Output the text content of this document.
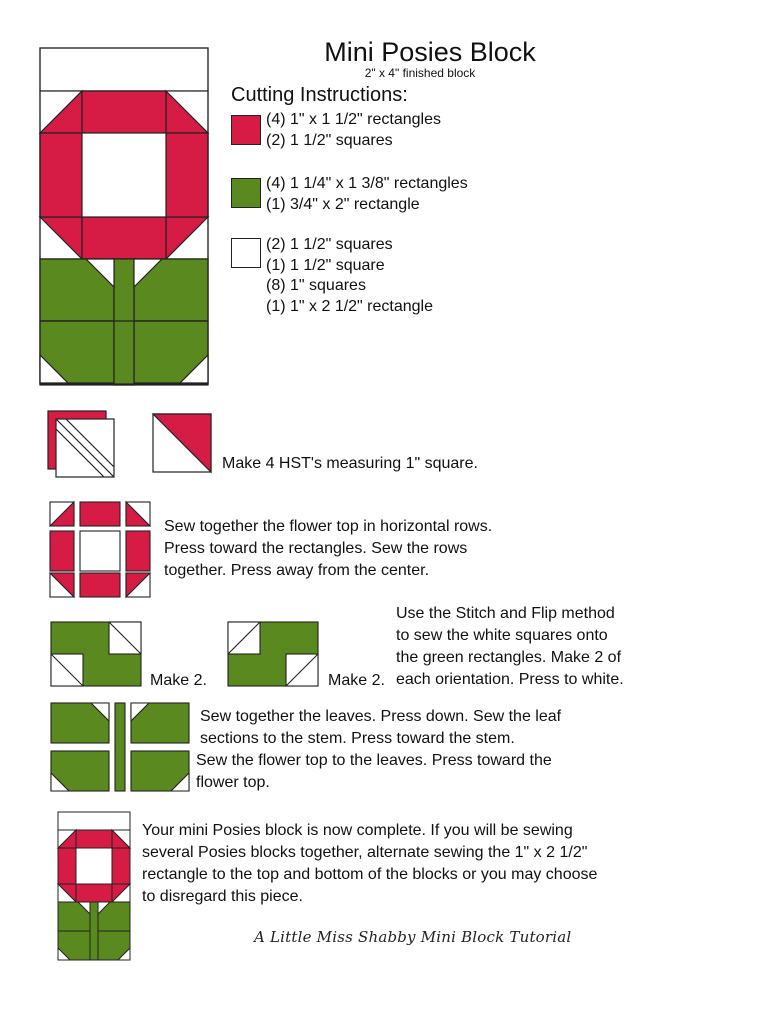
Mini Posies Block
2" x 4" finished block
Cutting Instructions:
(4) 1" x 1 1/2" rectangles
(2) 1 1/2" squares
(4) 1 1/4" x 1 3/8" rectangles
(1) 3/4" x 2" rectangle
(2) 1 1/2" squares
(1) 1 1/2" square
(8) 1" squares
(1) 1" x 2 1/2" rectangle
Make 4 HST's measuring 1" square.
Sew together the flower top in horizontal rows.
Press toward the rectangles. Sew the rows
together. Press away from the center.
Make 2.	Make 2.
Use the Stitch and Flip method
to sew the white squares onto
the green rectangles. Make 2 of
each orientation. Press to white.
Sew together the leaves. Press down. Sew the leaf
sections to the stem. Press toward the stem.
Sew the flower top to the leaves. Press toward the
flower top.
Your mini Posies block is now complete. If you will be sewing
several Posies blocks together, alternate sewing the 1" x 2 1/2"
rectangle to the top and bottom of the blocks or you may choose
to disregard this piece.
A Little Miss Shabby Mini Block Tutorial
